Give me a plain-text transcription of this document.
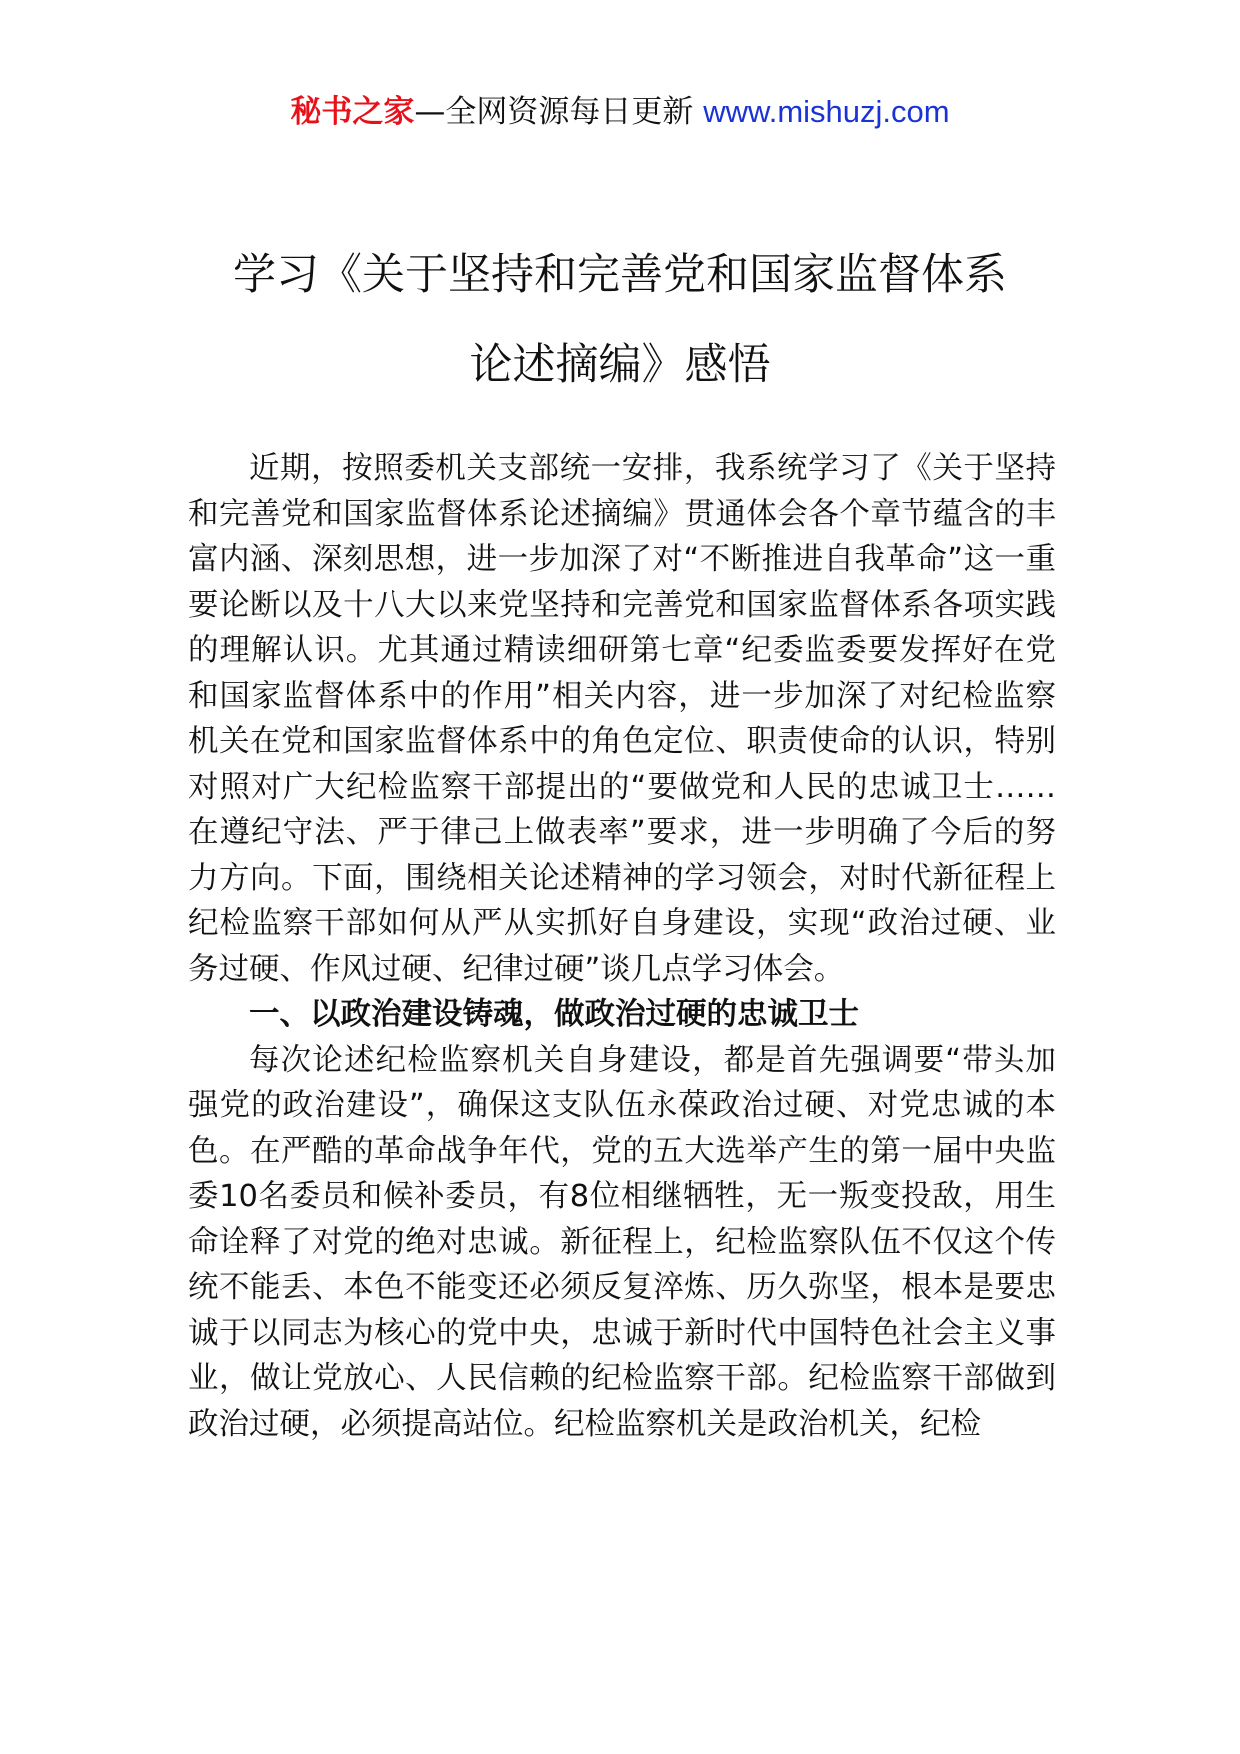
秘书之家—全网资源每日更新 www.mishuzj.com
学习《关于坚持和完善党和国家监督体系
论述摘编》感悟

近期，按照委机关支部统一安排，我系统学习了《关于坚持和完善党和国家监督体系论述摘编》贯通体会各个章节蕴含的丰富内涵、深刻思想，进一步加深了对“不断推进自我革命”这一重要论断以及十八大以来党坚持和完善党和国家监督体系各项实践的理解认识。尤其通过精读细研第七章“纪委监委要发挥好在党和国家监督体系中的作用”相关内容，进一步加深了对纪检监察机关在党和国家监督体系中的角色定位、职责使命的认识，特别对照对广大纪检监察干部提出的“要做党和人民的忠诚卫士……在遵纪守法、严于律己上做表率”要求，进一步明确了今后的努力方向。下面，围绕相关论述精神的学习领会，对时代新征程上纪检监察干部如何从严从实抓好自身建设，实现“政治过硬、业务过硬、作风过硬、纪律过硬”谈几点学习体会。

一、以政治建设铸魂，做政治过硬的忠诚卫士

每次论述纪检监察机关自身建设，都是首先强调要“带头加强党的政治建设”，确保这支队伍永葆政治过硬、对党忠诚的本色。在严酷的革命战争年代，党的五大选举产生的第一届中央监委10名委员和候补委员，有8位相继牺牲，无一叛变投敌，用生命诠释了对党的绝对忠诚。新征程上，纪检监察队伍不仅这个传统不能丢、本色不能变还必须反复淬炼、历久弥坚，根本是要忠诚于以同志为核心的党中央，忠诚于新时代中国特色社会主义事业，做让党放心、人民信赖的纪检监察干部。纪检监察干部做到政治过硬，必须提高站位。纪检监察机关是政治机关，纪检
